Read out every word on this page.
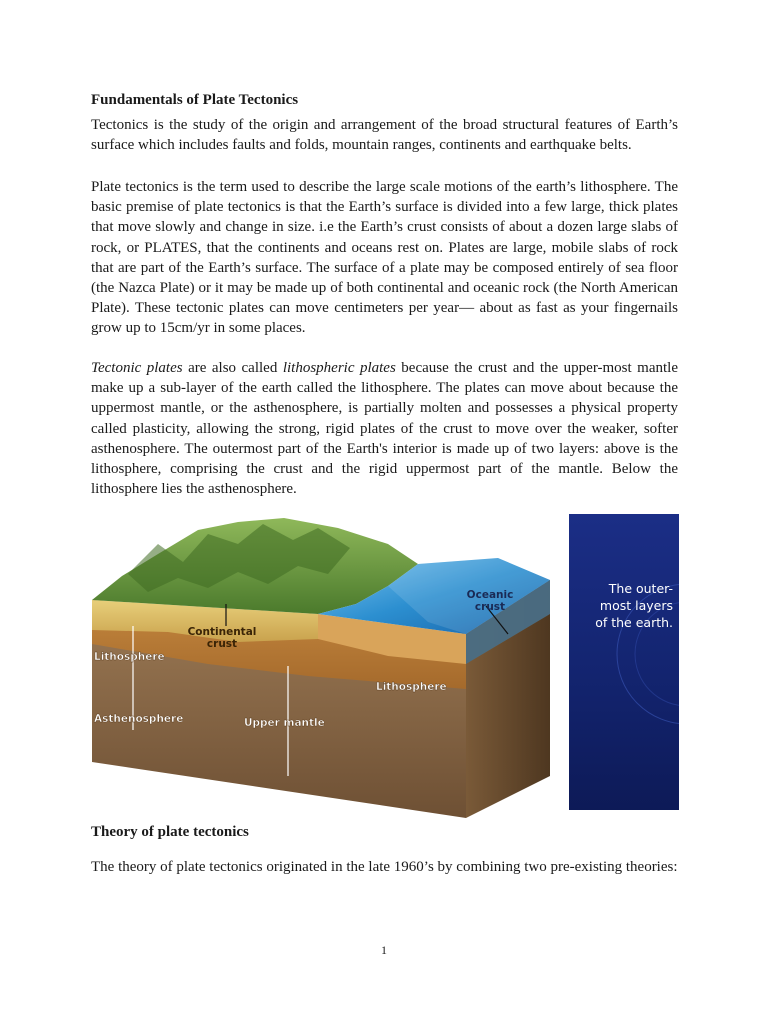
Fundamentals of Plate Tectonics

Tectonics is the study of the origin and arrangement of the broad structural features of Earth’s surface which includes faults and folds, mountain ranges, continents and earthquake belts.

Plate tectonics is the term used to describe the large scale motions of the earth’s lithosphere. The basic premise of plate tectonics is that the Earth’s surface is divided into a few large, thick plates that move slowly and change in size. i.e the Earth’s crust consists of about a dozen large slabs of rock, or PLATES, that the continents and oceans rest on. Plates are large, mobile slabs of rock that are part of the Earth’s surface. The surface of a plate may be composed entirely of sea floor (the Nazca Plate) or it may be made up of both continental and oceanic rock (the North American Plate). These tectonic plates can move centimeters per year— about as fast as your fingernails grow up to 15cm/yr in some places.

Tectonic plates are also called lithospheric plates because the crust and the upper-most mantle make up a sub-layer of the earth called the lithosphere. The plates can move about because the uppermost mantle, or the asthenosphere, is partially molten and possesses a physical property called plasticity, allowing the strong, rigid plates of the crust to move over the weaker, softer asthenosphere. The outermost part of the Earth's interior is made up of two layers: above is the lithosphere, comprising the crust and the rigid uppermost part of the mantle. Below the lithosphere lies the asthenosphere.

Oceanic
crust
Continental
crust
Lithosphere
Lithosphere
Asthenosphere	Upper mantle
The outer-
most layers
of the earth.
Theory of plate tectonics

The theory of plate tectonics originated in the late 1960’s by combining two pre-existing theories:

1
